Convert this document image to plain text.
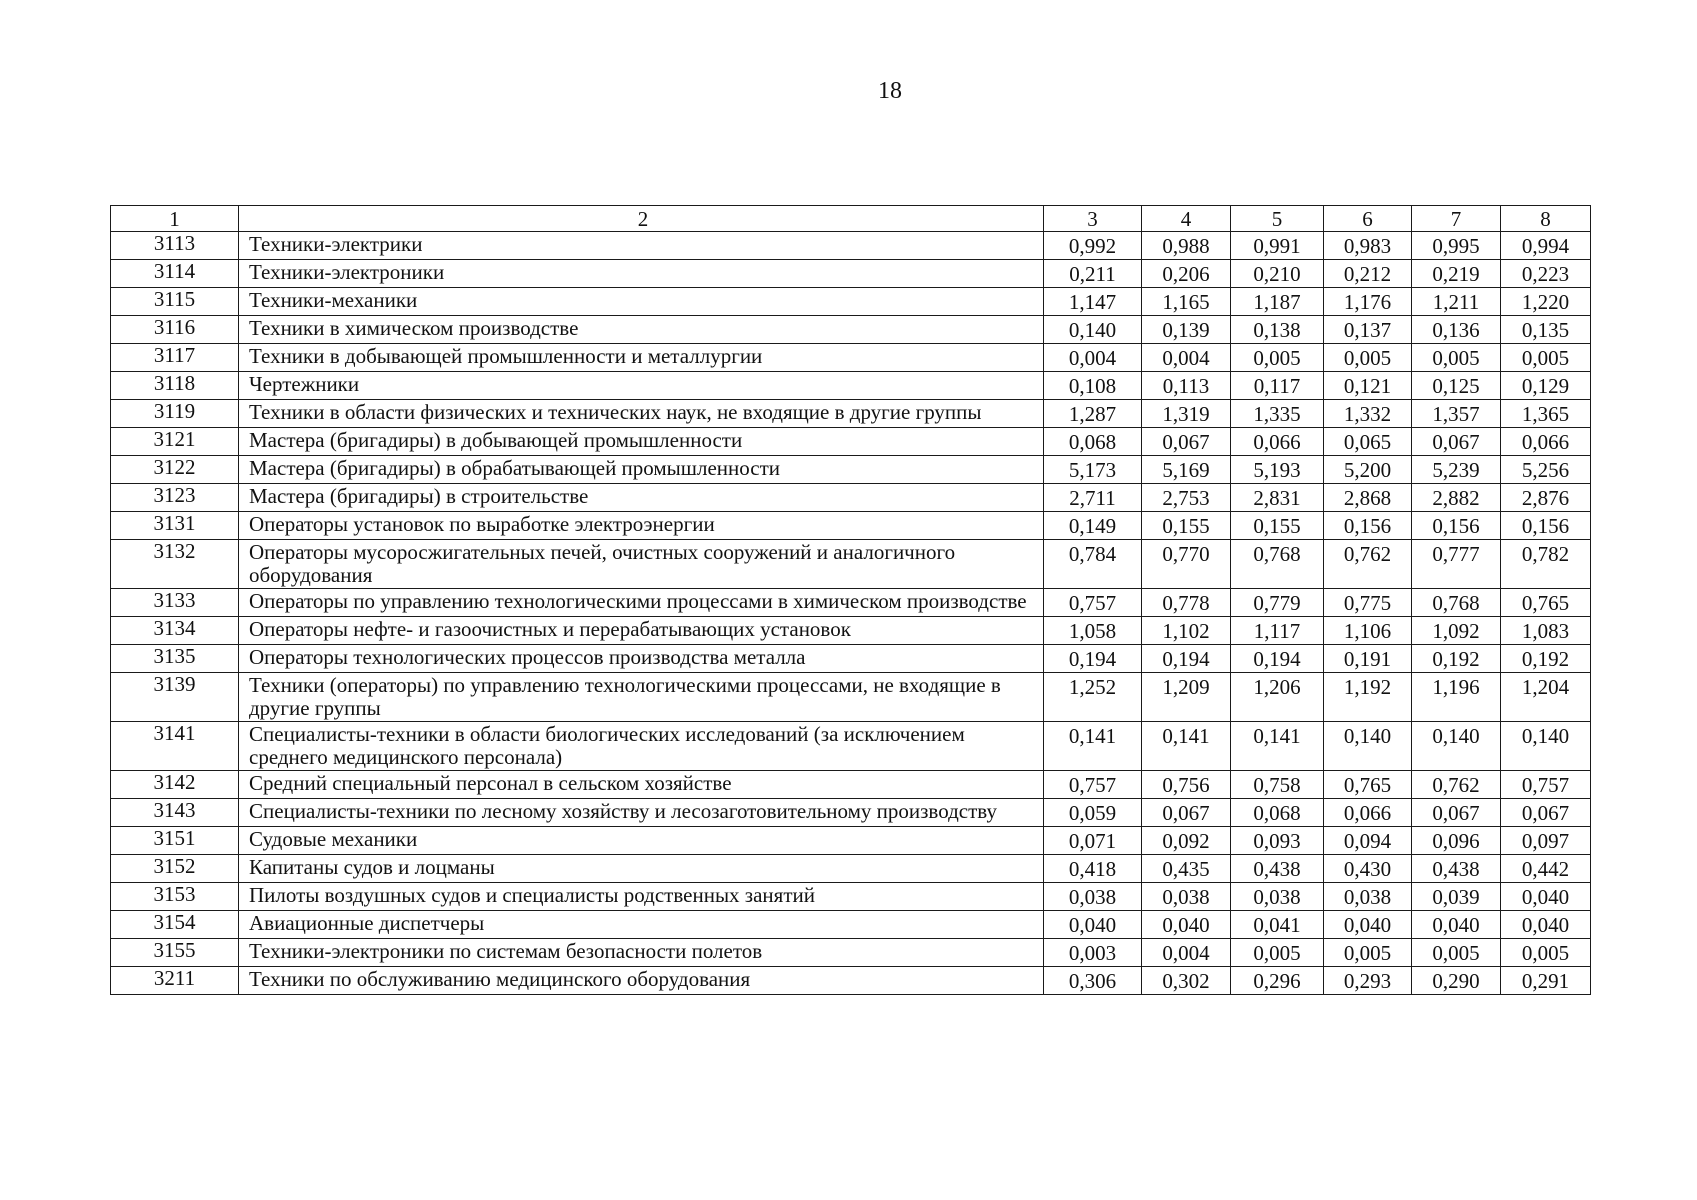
18
1	2	3	4	5	6	7	8
3113	Техники-электрики	0,992	0,988	0,991	0,983	0,995	0,994
3114	Техники-электроники	0,211	0,206	0,210	0,212	0,219	0,223
3115	Техники-механики	1,147	1,165	1,187	1,176	1,211	1,220
3116	Техники в химическом производстве	0,140	0,139	0,138	0,137	0,136	0,135
3117	Техники в добывающей промышленности и металлургии	0,004	0,004	0,005	0,005	0,005	0,005
3118	Чертежники	0,108	0,113	0,117	0,121	0,125	0,129
3119	Техники в области физических и технических наук, не входящие в другие группы	1,287	1,319	1,335	1,332	1,357	1,365
3121	Мастера (бригадиры) в добывающей промышленности	0,068	0,067	0,066	0,065	0,067	0,066
3122	Мастера (бригадиры) в обрабатывающей промышленности	5,173	5,169	5,193	5,200	5,239	5,256
3123	Мастера (бригадиры) в строительстве	2,711	2,753	2,831	2,868	2,882	2,876
3131	Операторы установок по выработке электроэнергии	0,149	0,155	0,155	0,156	0,156	0,156
3132	Операторы мусоросжигательных печей, очистных сооружений и аналогичного оборудования	0,784	0,770	0,768	0,762	0,777	0,782
3133	Операторы по управлению технологическими процессами в химическом производстве	0,757	0,778	0,779	0,775	0,768	0,765
3134	Операторы нефте- и газоочистных и перерабатывающих установок	1,058	1,102	1,117	1,106	1,092	1,083
3135	Операторы технологических процессов производства металла	0,194	0,194	0,194	0,191	0,192	0,192
3139	Техники (операторы) по управлению технологическими процессами, не входящие в другие группы	1,252	1,209	1,206	1,192	1,196	1,204
3141	Специалисты-техники в области биологических исследований (за исключением среднего медицинского персонала)	0,141	0,141	0,141	0,140	0,140	0,140
3142	Средний специальный персонал в сельском хозяйстве	0,757	0,756	0,758	0,765	0,762	0,757
3143	Специалисты-техники по лесному хозяйству и лесозаготовительному производству	0,059	0,067	0,068	0,066	0,067	0,067
3151	Судовые механики	0,071	0,092	0,093	0,094	0,096	0,097
3152	Капитаны судов и лоцманы	0,418	0,435	0,438	0,430	0,438	0,442
3153	Пилоты воздушных судов и специалисты родственных занятий	0,038	0,038	0,038	0,038	0,039	0,040
3154	Авиационные диспетчеры	0,040	0,040	0,041	0,040	0,040	0,040
3155	Техники-электроники по системам безопасности полетов	0,003	0,004	0,005	0,005	0,005	0,005
3211	Техники по обслуживанию медицинского оборудования	0,306	0,302	0,296	0,293	0,290	0,291
